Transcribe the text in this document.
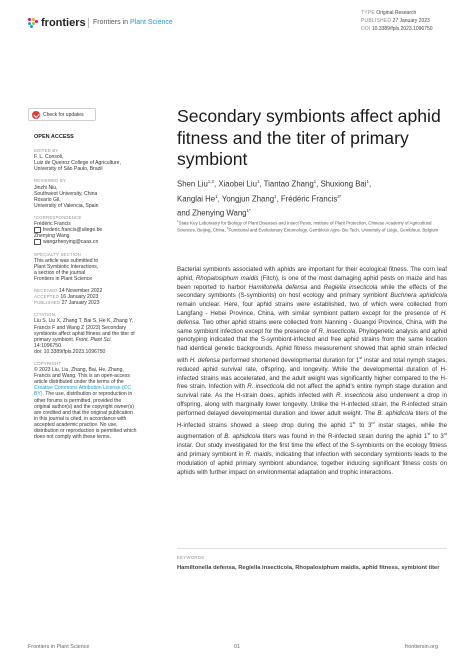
frontiers Frontiers in Plant Science
TYPE Original Research
PUBLISHED 27 January 2023
DOI 10.3389/fpls.2023.1096750
Check for updates
OPEN ACCESS
EDITED BY
F. L. Consoli,
Luiz de Queiroz College of Agriculture,
University of São Paulo, Brazil
REVIEWED BY
Jinzhi Niu,
Southwest University, China
Rosario Gil,
University of Valencia, Spain
*CORRESPONDENCE
Frédéric Francis
frederic.francis@uliege.be
Zhenying Wang
wangzhenying@caas.cn
SPECIALTY SECTION
This article was submitted to
Plant Symbiotic Interactions,
a section of the journal
Frontiers in Plant Science
RECEIVED 14 November 2022
ACCEPTED 16 January 2023
PUBLISHED 27 January 2023
CITATION
Liu S, Liu X, Zhang T, Bai S, He K, Zhang Y, Francis F and Wang Z (2023) Secondary symbionts affect aphid fitness and the titer of primary symbiont. Front. Plant Sci. 14:1096750.
doi: 10.3389/fpls.2023.1096750
COPYRIGHT
© 2023 Liu, Liu, Zhang, Bai, He, Zhang, Francis and Wang. This is an open-access article distributed under the terms of the Creative Commons Attribution License (CC BY). The use, distribution or reproduction in other forums is permitted, provided the original author(s) and the copyright owner(s) are credited and that the original publication in this journal is cited, in accordance with accepted academic practice. No use, distribution or reproduction is permitted which does not comply with these terms.
Secondary symbionts affect aphid fitness and the titer of primary symbiont
Shen Liu$^{1,2}$, Xiaobei Liu$^1$, Tiantao Zhang$^1$, Shuxiong Bai$^1$,
Kanglai He$^1$, Yongjun Zhang$^1$, Frédéric Francis$^{2*}$
and Zhenying Wang$^{1*}$
$^1$State Key Laboratory for Biology of Plant Diseases and Insect Pests, Institute of Plant Protection, Chinese Academy of Agricultural Sciences, Beijing, China, $^2$Functional and Evolutionary Entomology, Gembloux Agro- Bio Tech, University of Liège, Gembloux, Belgium
Bacterial symbionts associated with aphids are important for their ecological fitness. The corn leaf aphid, Rhopalosiphum maidis (Fitch), is one of the most damaging aphid pests on maize and has been reported to harbor Hamiltonella defensa and Regiella insecticola while the effects of the secondary symbionts (S-symbionts) on host ecology and primary symbiont Buchnera aphidicola remain unclear. Here, four aphid strains were established, two of which were collected from Langfang - Hebei Province, China, with similar symbiont pattern except for the presence of H. defensa. Two other aphid strains were collected from Nanning - Guangxi Province, China, with the same symbiont infection except for the presence of R. insecticola. Phylogenetic analysis and aphid genotyping indicated that the S-symbiont-infected and free aphid strains from the same location had identical genetic backgrounds. Aphid fitness measurement showed that aphid strain infected with H. defensa performed shortened developmental duration for 1st instar and total nymph stages, reduced aphid survival rate, offspring, and longevity. While the developmental duration of H-infected strains was accelerated, and the adult weight was significantly higher compared to the H-free strain. Infection with R. insecticola did not affect the aphid's entire nymph stage duration and survival rate. As the H-strain does, aphids infected with R. insecticola also underwent a drop in offspring, along with marginally lower longevity. Unlike the H-infected strain, the R-infected strain performed delayed developmental duration and lower adult weight. The B. aphidicola titers of the H-infected strains showed a steep drop during the aphid 1st to 3rd instar stages, while the augmentation of B. aphidicola titers was found in the R-infected strain during the aphid 1st to 3rd instar. Our study investigated for the first time the effect of the S-symbionts on the ecology fitness and primary symbiont in R. maidis, indicating that infection with secondary symbionts leads to the modulation of aphid primary symbiont abundance, together inducing significant fitness costs on aphids with further impact on environmental adaptation and trophic interactions.
KEYWORDS
Hamiltonella defensa, Regiella insecticola, Rhopalosiphum maidis, aphid fitness, symbiont titer
Frontiers in Plant Science	01	frontiersin.org
